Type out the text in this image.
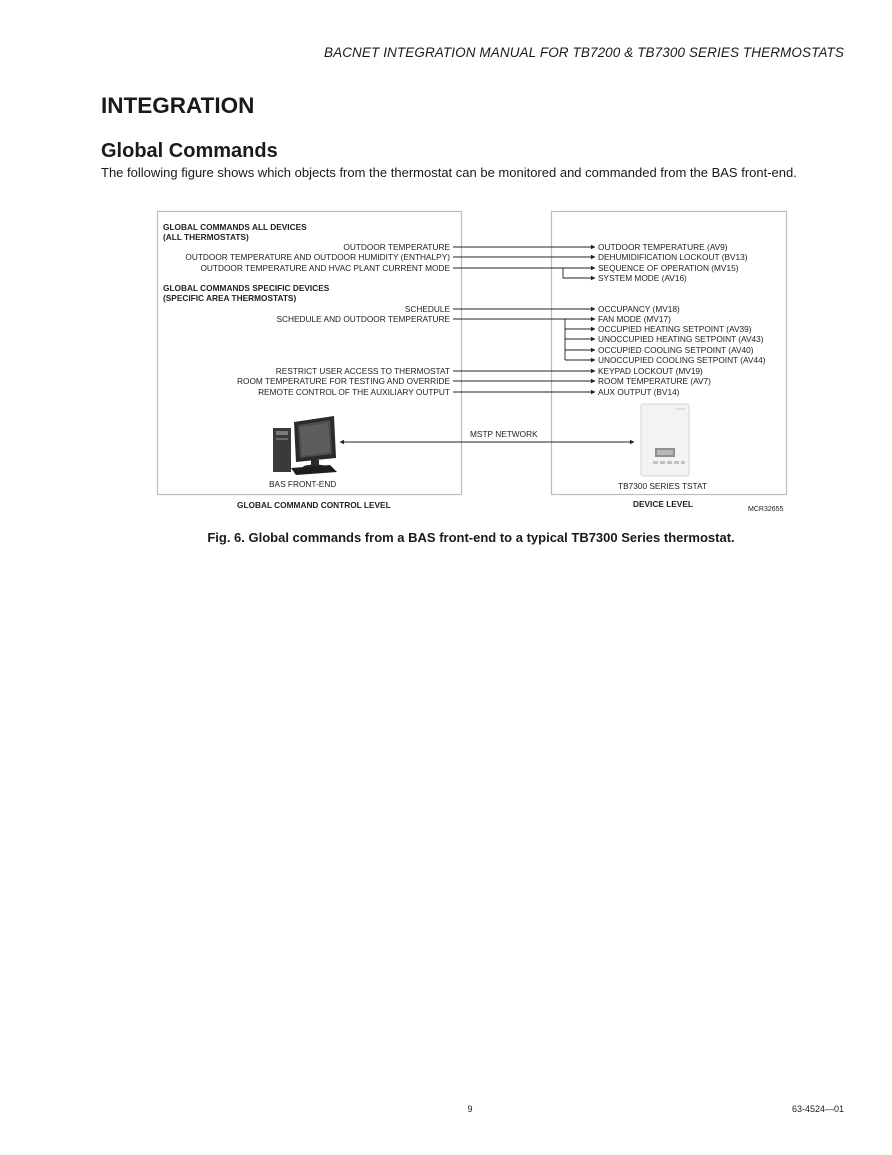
BACNET INTEGRATION MANUAL FOR TB7200 & TB7300 SERIES THERMOSTATS
INTEGRATION
Global Commands
The following figure shows which objects from the thermostat can be monitored and commanded from the BAS front-end.
GLOBAL COMMANDS ALL DEVICES
(ALL THERMOSTATS)
OUTDOOR TEMPERATURE
OUTDOOR TEMPERATURE AND OUTDOOR HUMIDITY (ENTHALPY)
OUTDOOR TEMPERATURE AND HVAC PLANT CURRENT MODE
GLOBAL COMMANDS SPECIFIC DEVICES
(SPECIFIC AREA THERMOSTATS)
SCHEDULE
SCHEDULE AND OUTDOOR TEMPERATURE
RESTRICT USER ACCESS TO THERMOSTAT
ROOM TEMPERATURE FOR TESTING AND OVERRIDE
REMOTE CONTROL OF THE AUXILIARY OUTPUT
OUTDOOR TEMPERATURE (AV9)
DEHUMIDIFICATION LOCKOUT (BV13)
SEQUENCE OF OPERATION (MV15)
SYSTEM MODE (AV16)
OCCUPANCY (MV18)
FAN MODE (MV17)
OCCUPIED HEATING SETPOINT (AV39)
UNOCCUPIED HEATING SETPOINT (AV43)
OCCUPIED COOLING SETPOINT (AV40)
UNOCCUPIED COOLING SETPOINT (AV44)
KEYPAD LOCKOUT (MV19)
ROOM TEMPERATURE (AV7)
AUX OUTPUT (BV14)
MSTP NETWORK
BAS FRONT-END	TB7300 SERIES TSTAT
GLOBAL COMMAND CONTROL LEVEL	DEVICE LEVEL
MCR32655
Fig. 6. Global commands from a BAS front-end to a typical TB7300 Series thermostat.
9	63-4524—01
